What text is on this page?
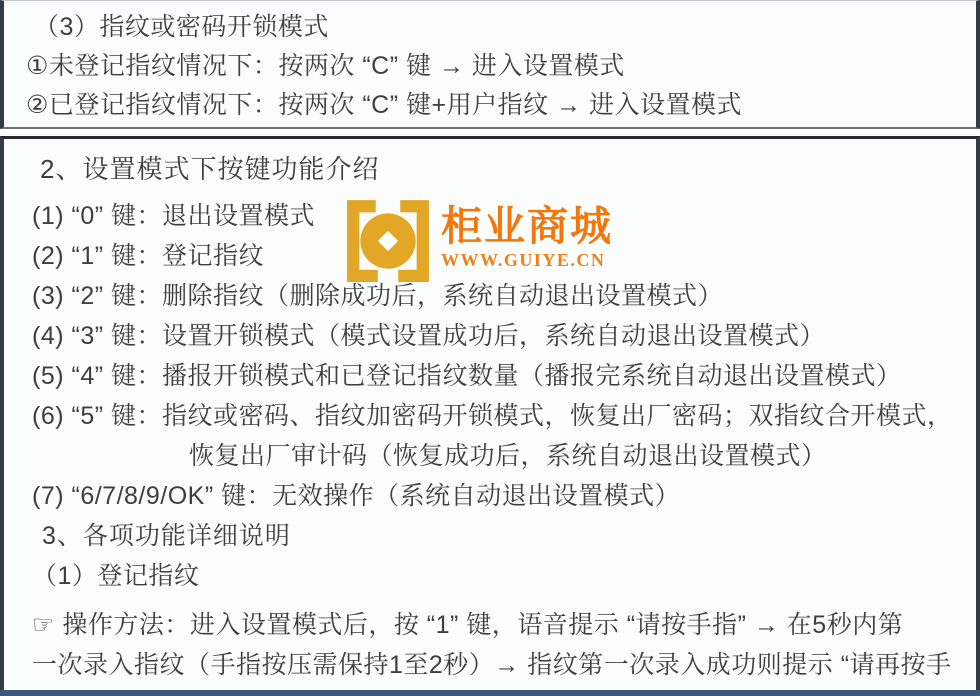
（3）指纹或密码开锁模式
①未登记指纹情况下：按两次 “C” 键 → 进入设置模式
②已登记指纹情况下：按两次 “C” 键+用户指纹 → 进入设置模式
柜业商城
WWW.GUIYE.CN
2、设置模式下按键功能介绍
(1) “0” 键：退出设置模式
(2) “1” 键：登记指纹
(3) “2” 键：删除指纹（删除成功后，系统自动退出设置模式）
(4) “3” 键：设置开锁模式（模式设置成功后，系统自动退出设置模式）
(5) “4” 键：播报开锁模式和已登记指纹数量（播报完系统自动退出设置模式）
(6) “5” 键：指纹或密码、指纹加密码开锁模式，恢复出厂密码；双指纹合开模式，
恢复出厂审计码（恢复成功后，系统自动退出设置模式）
(7) “6/7/8/9/OK” 键：无效操作（系统自动退出设置模式）
3、各项功能详细说明
（1）登记指纹
☞ 操作方法：进入设置模式后，按 “1” 键，语音提示 “请按手指” → 在5秒内第
一次录入指纹（手指按压需保持1至2秒）→ 指纹第一次录入成功则提示 “请再按手
